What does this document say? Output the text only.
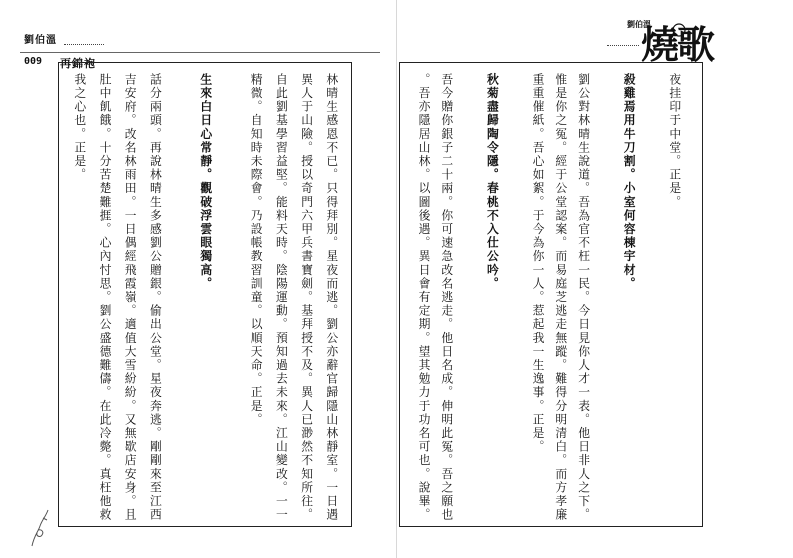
劉伯溫
009 再錦袍
林晴生感恩不已。只得拜別。星夜而逃。劉公亦辭官歸隱山林靜室。一日遇
異人于山險。授以奇門六甲兵書寶劍。基拜授不及。異人已渺然不知所往。
自此劉基學習益堅。能料天時。陰陽運動。預知過去未來。江山變改。一一
精微。自知時未際會。乃設帳教習訓童。以順天命。正是。
生來白日心常靜。觀破浮雲眼獨高。
話分兩頭。再說林晴生多感劉公贈銀。偷出公堂。星夜奔逃。剛剛來至江西
吉安府。改名林雨田。一日偶經飛霞嶺。適值大雪紛紛。又無歇店安身。且
肚中飢餓。十分苦楚難捱。心內忖思。劉公盛德難儔。在此冷斃。真枉他救
我之心也。正是。
劉伯溫
燒歌
夜挂印于中堂。正是。
殺雞焉用牛刀割。小室何容棟宇材。
劉公對林晴生說道。吾為官不枉一民。今日見你人才一表。他日非人之下。
惟是你之冤。經于公堂認案。而易庭芝逃走無蹤。難得分明清白。而方孝廉
重重催紙。吾心如絮。于今為你一人。惹起我一生逸事。正是。
秋菊盡歸陶令隱。春桃不入仕公吟。
吾今贈你銀子二十兩。你可速急改名逃走。他日名成。伸明此冤。吾之願也
。吾亦隱居山林。以圖後遇。異日會有定期。望其勉力于功名可也。說畢。
